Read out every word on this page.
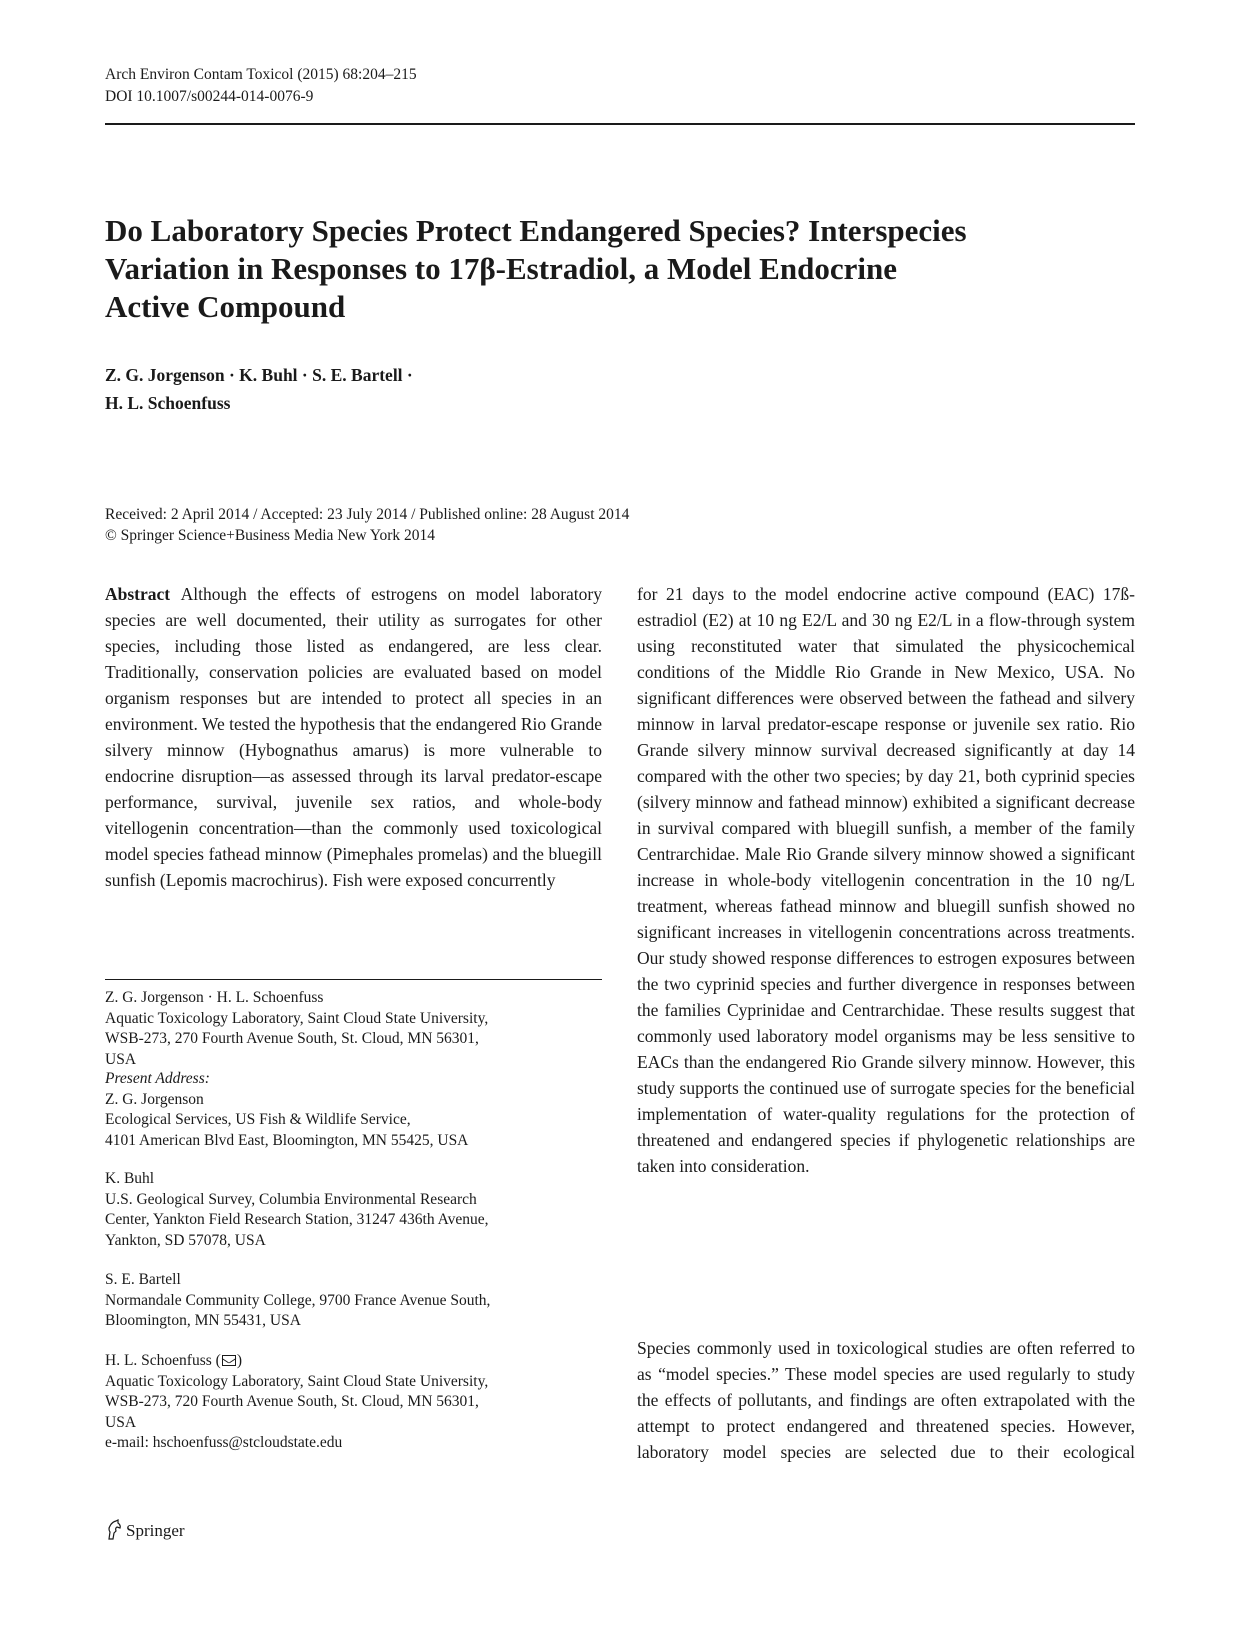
Arch Environ Contam Toxicol (2015) 68:204–215
DOI 10.1007/s00244-014-0076-9
Do Laboratory Species Protect Endangered Species? Interspecies
Variation in Responses to 17β-Estradiol, a Model Endocrine
Active Compound
Z. G. Jorgenson · K. Buhl · S. E. Bartell ·
H. L. Schoenfuss
Received: 2 April 2014 / Accepted: 23 July 2014 / Published online: 28 August 2014
© Springer Science+Business Media New York 2014

Abstract Although the effects of estrogens on model laboratory species are well documented, their utility as surrogates for other species, including those listed as endangered, are less clear. Traditionally, conservation policies are evaluated based on model organism responses but are intended to protect all species in an environment. We tested the hypothesis that the endangered Rio Grande silvery minnow (Hybognathus amarus) is more vulnerable to endocrine disruption—as assessed through its larval predator-escape performance, survival, juvenile sex ratios, and whole-body vitellogenin concentration—than the commonly used toxicological model species fathead minnow (Pimephales promelas) and the bluegill sunfish (Lepomis macrochirus). Fish were exposed concurrently

Z. G. Jorgenson · H. L. Schoenfuss
Aquatic Toxicology Laboratory, Saint Cloud State University,
WSB-273, 270 Fourth Avenue South, St. Cloud, MN 56301,
USA
Present Address:
Z. G. Jorgenson
Ecological Services, US Fish & Wildlife Service,
4101 American Blvd East, Bloomington, MN 55425, USA
K. Buhl
U.S. Geological Survey, Columbia Environmental Research
Center, Yankton Field Research Station, 31247 436th Avenue,
Yankton, SD 57078, USA
S. E. Bartell
Normandale Community College, 9700 France Avenue South,
Bloomington, MN 55431, USA
H. L. Schoenfuss ( )
Aquatic Toxicology Laboratory, Saint Cloud State University,
WSB-273, 720 Fourth Avenue South, St. Cloud, MN 56301,
USA
e-mail: hschoenfuss@stcloudstate.edu

for 21 days to the model endocrine active compound (EAC) 17ß-estradiol (E2) at 10 ng E2/L and 30 ng E2/L in a flow-through system using reconstituted water that simulated the physicochemical conditions of the Middle Rio Grande in New Mexico, USA. No significant differences were observed between the fathead and silvery minnow in larval predator-escape response or juvenile sex ratio. Rio Grande silvery minnow survival decreased significantly at day 14 compared with the other two species; by day 21, both cyprinid species (silvery minnow and fathead minnow) exhibited a significant decrease in survival compared with bluegill sunfish, a member of the family Centrarchidae. Male Rio Grande silvery minnow showed a significant increase in whole-body vitellogenin concentration in the 10 ng/L treatment, whereas fathead minnow and bluegill sunfish showed no significant increases in vitellogenin concentrations across treatments. Our study showed response differences to estrogen exposures between the two cyprinid species and further divergence in responses between the families Cyprinidae and Centrarchidae. These results suggest that commonly used laboratory model organisms may be less sensitive to EACs than the endangered Rio Grande silvery minnow. However, this study supports the continued use of surrogate species for the beneficial implementation of water-quality regulations for the protection of threatened and endangered species if phylogenetic relationships are taken into consideration.

Species commonly used in toxicological studies are often referred to as “model species.” These model species are used regularly to study the effects of pollutants, and findings are often extrapolated with the attempt to protect endangered and threatened species. However, laboratory model species are selected due to their ecological

Springer
